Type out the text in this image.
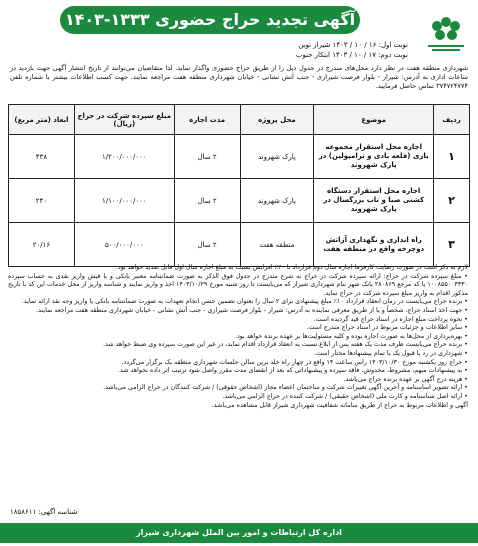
آگهی تجدید حراج حضوری ۱۳۳۳-۱۴۰۳
نوبت اول: ۱۶ / ۱۰ / ۱۴۰۳ شیراز نوین
نوبت دوم: ۱۷ / ۱۰ / ۱۴۰۳ ابتکار جنوب
شهرداری منطقه هفت در نظر دارد محل‌های مندرج در جدول ذیل را از طریق حراج حضوری واگذار نماید. لذا متقاضیان می‌توانند از تاریخ انتشار آگهی جهت بازدید در ساعات اداری به آدرس: شیراز - بلوار فرصت شیرازی - جنب آتش نشانی - خیابان شهرداری منطقه هفت مراجعه نمایند. جهت کسب اطلاعات بیشتر با شماره تلفن ۳۷۴۷۲۴۷۷۴ تماس حاصل فرمایید.
ردیف	موضوع	محل پروژه	مدت اجاره	مبلغ سپرده شرکت در حراج (ریال)	ابعاد (متر مربع)
۱	اجاره محل استقرار مجموعه بازی (قلعه بادی و ترامپولین) در پارک شهروند	پارک شهروند	۲ سال	۱/۲۰۰/۰۰۰/۰۰۰	۴۳۸
۲	اجاره محل استقرار دستگاه کشتی صبا و تاب بزرگسال در پارک شهروند	پارک شهروند	۲ سال	۱/۱۰۰/۰۰۰/۰۰۰	۲۴۰
۳	راه اندازی و نگهداری آزاتش دوچرخه واقع در منطقه هفت	منطقه هفت	۲ سال	۵۰۰/۰۰۰/۰۰۰	۲۰/۱۶

لازم به ذکر است در صورت رضایت کارفرما اجاره سال دوم قرارداد با ۲۰٪ افزایش نسبت به مبلغ اجاره سال اول قابل تمدید خواهد بود.

• مبلغ سپرده شرکت در حراج: ارائه سپرده شرکت در حراج به شرح مندرج در جدول فوق الذکر به صورت ضمانتنامه معتبر بانکی و یا فیش واریز نقدی به حساب سپرده ۱۰۰۸۵۵۰۰۳۳۳۰ یا کد مرجع ۲۸۰۸۶۹ بانک شهر بنام شهرداری شیراز که می‌بایست تا روز شنبه مورخ ۱۴۰۳/۱۰/۲۹ اخذ و واریز نمایند و شناسه واریز از محل خدمات این کد با تاریخ مذکور اقدام به واریز مبلغ سپرده شرکت در حراج نماید.

• برنده حراج می‌بایست در زمان انعقاد قرارداد ۱۰٪ مبلغ پیشنهادی برای ۲ سال را بعنوان تضمین حسن انجام تعهدات به صورت ضمانتنامه بانکی یا واریز وجه نقد ارائه نماید.

• جهت اخذ اسناد حراج، شخصاً و یا از طریق معرفی نماینده به آدرس: شیراز - بلوار فرصت شیرازی - جنب آتش نشانی - خیابان شهرداری منطقه هفت مراجعه نمایند.

• نحوه پرداخت مبلغ اجاره در اسناد حراج قید گردیده است.

• سایر اطلاعات و جزئیات مربوط در اسناد حراج مندرج است.

• بهره‌برداری از محل‌ها به صورت اجاره بوده و کلیه مسئولیت‌ها بر عهده برنده خواهد بود.

• برنده حراج می‌بایست ظرف مدت یک هفته پس از ابلاغ نسبت به انعقاد قرارداد اقدام نماید، در غیر این صورت سپرده وی ضبط خواهد شد.

• شهرداری در رد یا قبول یک یا تمام پیشنهادها مختار است.

• حراج روز یکشنبه مورخ ۱۴۰۳/۱۰/۳۰ راس ساعت ۱۴ واقع در چهار راه خلد برین سالن جلسات شهرداری منطقه یک برگزار می‌گردد.

• به پیشنهادات مبهم، مشروط، مخدوش، فاقد سپرده و پیشنهاداتی که بعد از انقضای مدت مقرر واصل شود ترتیب اثر داده نخواهد شد.

• هزینه درج آگهی بر عهده برنده حراج می‌باشد.

• ارائه تصویر اساسنامه و آخرین آگهی تغییرات شرکت و ساختمان اعضاء مجاز (اشخاص حقوقی) / شرکت کنندگان در حراج الزامی می‌باشد.

• ارائه اصل شناسنامه و کارت ملی (اشخاص حقیقی) / شرکت کننده در حراج الزامی می‌باشد.

آگهی و اطلاعات مربوط به حراج از طریق سامانه شفافیت شهرداری شیراز قابل مشاهده می‌باشد.

شناسه آگهی: ۱۸۵۸۶۱۱
اداره کل ارتباطات و امور بین الملل شهرداری شیراز
